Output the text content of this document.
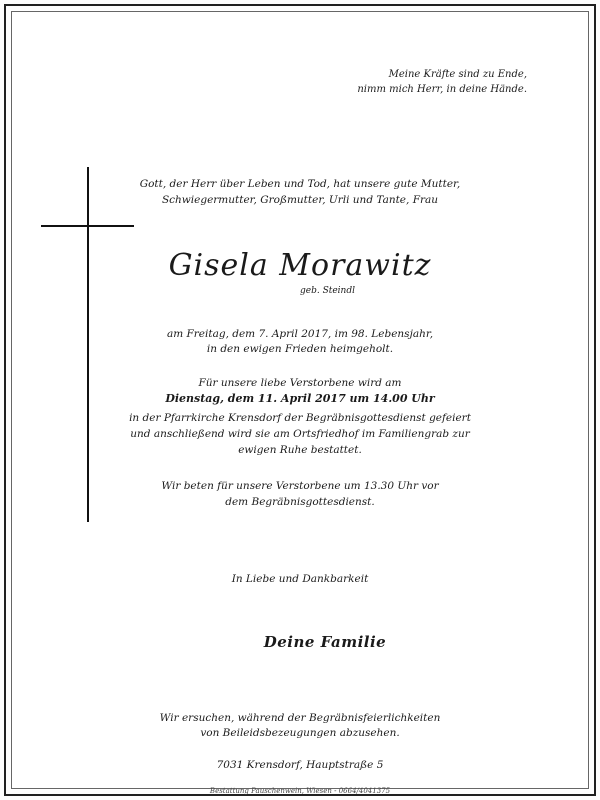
Meine Kräfte sind zu Ende,
nimm mich Herr, in deine Hände.
Gott, der Herr über Leben und Tod, hat unsere gute Mutter,
Schwiegermutter, Großmutter, Urli und Tante, Frau
Gisela Morawitz
geb. Steindl
am Freitag, dem 7. April 2017, im 98. Lebensjahr,
in den ewigen Frieden heimgeholt.
Für unsere liebe Verstorbene wird am
Dienstag, dem 11. April 2017 um 14.00 Uhr
in der Pfarrkirche Krensdorf der Begräbnisgottesdienst gefeiert
und anschließend wird sie am Ortsfriedhof im Familiengrab zur
ewigen Ruhe bestattet.
Wir beten für unsere Verstorbene um 13.30 Uhr vor
dem Begräbnisgottesdienst.
In Liebe und Dankbarkeit
Deine Familie
Wir ersuchen, während der Begräbnisfeierlichkeiten
von Beileidsbezeugungen abzusehen.
7031 Krensdorf, Hauptstraße 5
Bestattung Pauschenwein, Wiesen - 0664/4041375
